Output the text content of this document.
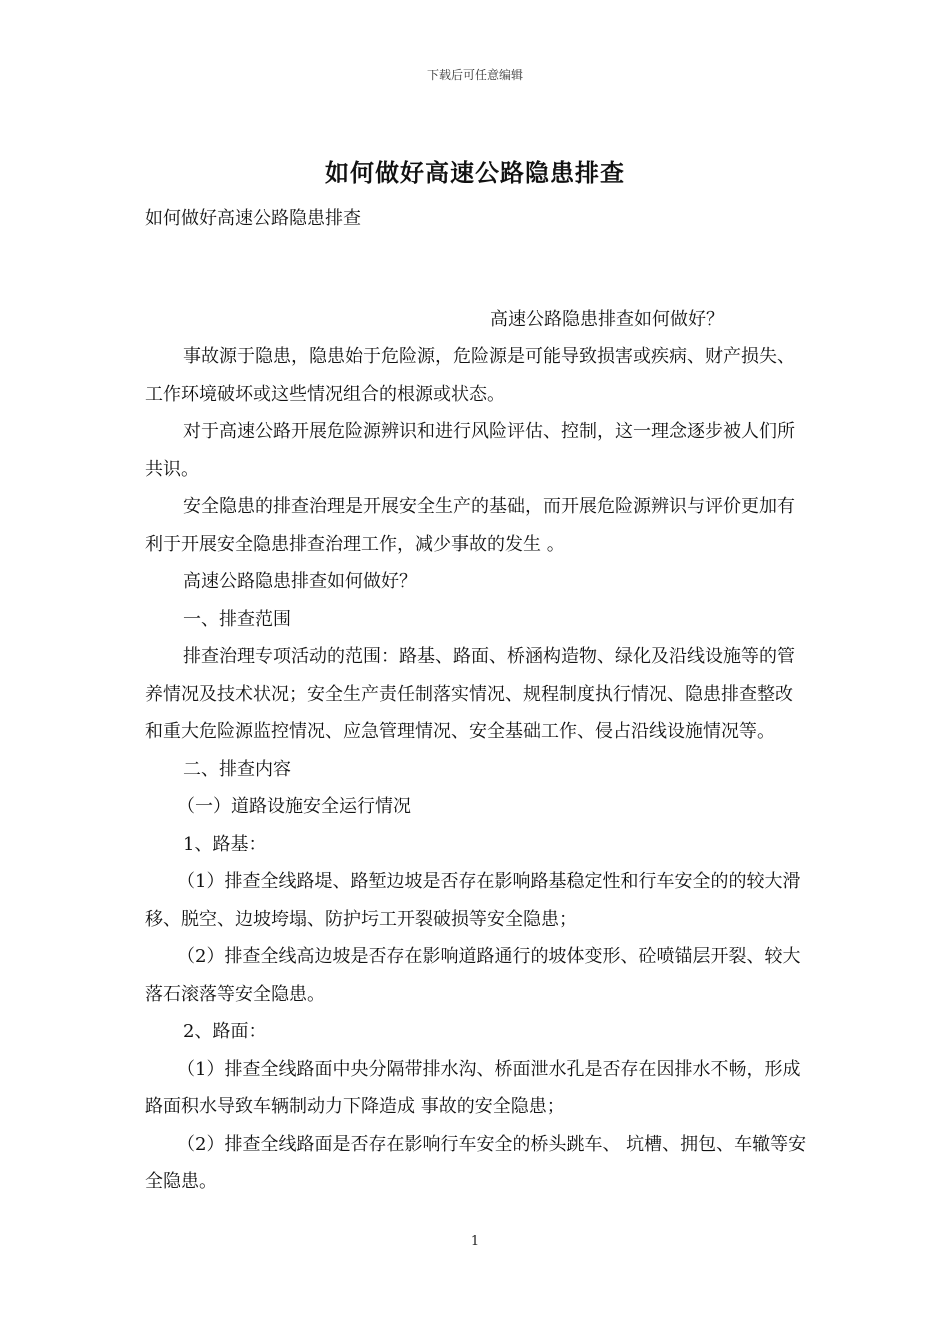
下载后可任意编辑
如何做好高速公路隐患排查

如何做好高速公路隐患排查

高速公路隐患排查如何做好？

事故源于隐患，隐患始于危险源，危险源是可能导致损害或疾病、财产损失、工作环境破坏或这些情况组合的根源或状态。

对于高速公路开展危险源辨识和进行风险评估、控制，这一理念逐步被人们所共识。

安全隐患的排查治理是开展安全生产的基础，而开展危险源辨识与评价更加有利于开展安全隐患排查治理工作，减少事故的发生 。

高速公路隐患排查如何做好？

一、排查范围

排查治理专项活动的范围：路基、路面、桥涵构造物、绿化及沿线设施等的管养情况及技术状况；安全生产责任制落实情况、规程制度执行情况、隐患排查整改和重大危险源监控情况、应急管理情况、安全基础工作、侵占沿线设施情况等。

二、排查内容

（一）道路设施安全运行情况

1、路基：

（1）排查全线路堤、路堑边坡是否存在影响路基稳定性和行车安全的的较大滑移、脱空、边坡垮塌、防护圬工开裂破损等安全隐患；

（2）排查全线高边坡是否存在影响道路通行的坡体变形、砼喷锚层开裂、较大落石滚落等安全隐患。

2、路面：

（1）排查全线路面中央分隔带排水沟、桥面泄水孔是否存在因排水不畅，形成路面积水导致车辆制动力下降造成 事故的安全隐患；

（2）排查全线路面是否存在影响行车安全的桥头跳车、 坑槽、拥包、车辙等安全隐患。

1
